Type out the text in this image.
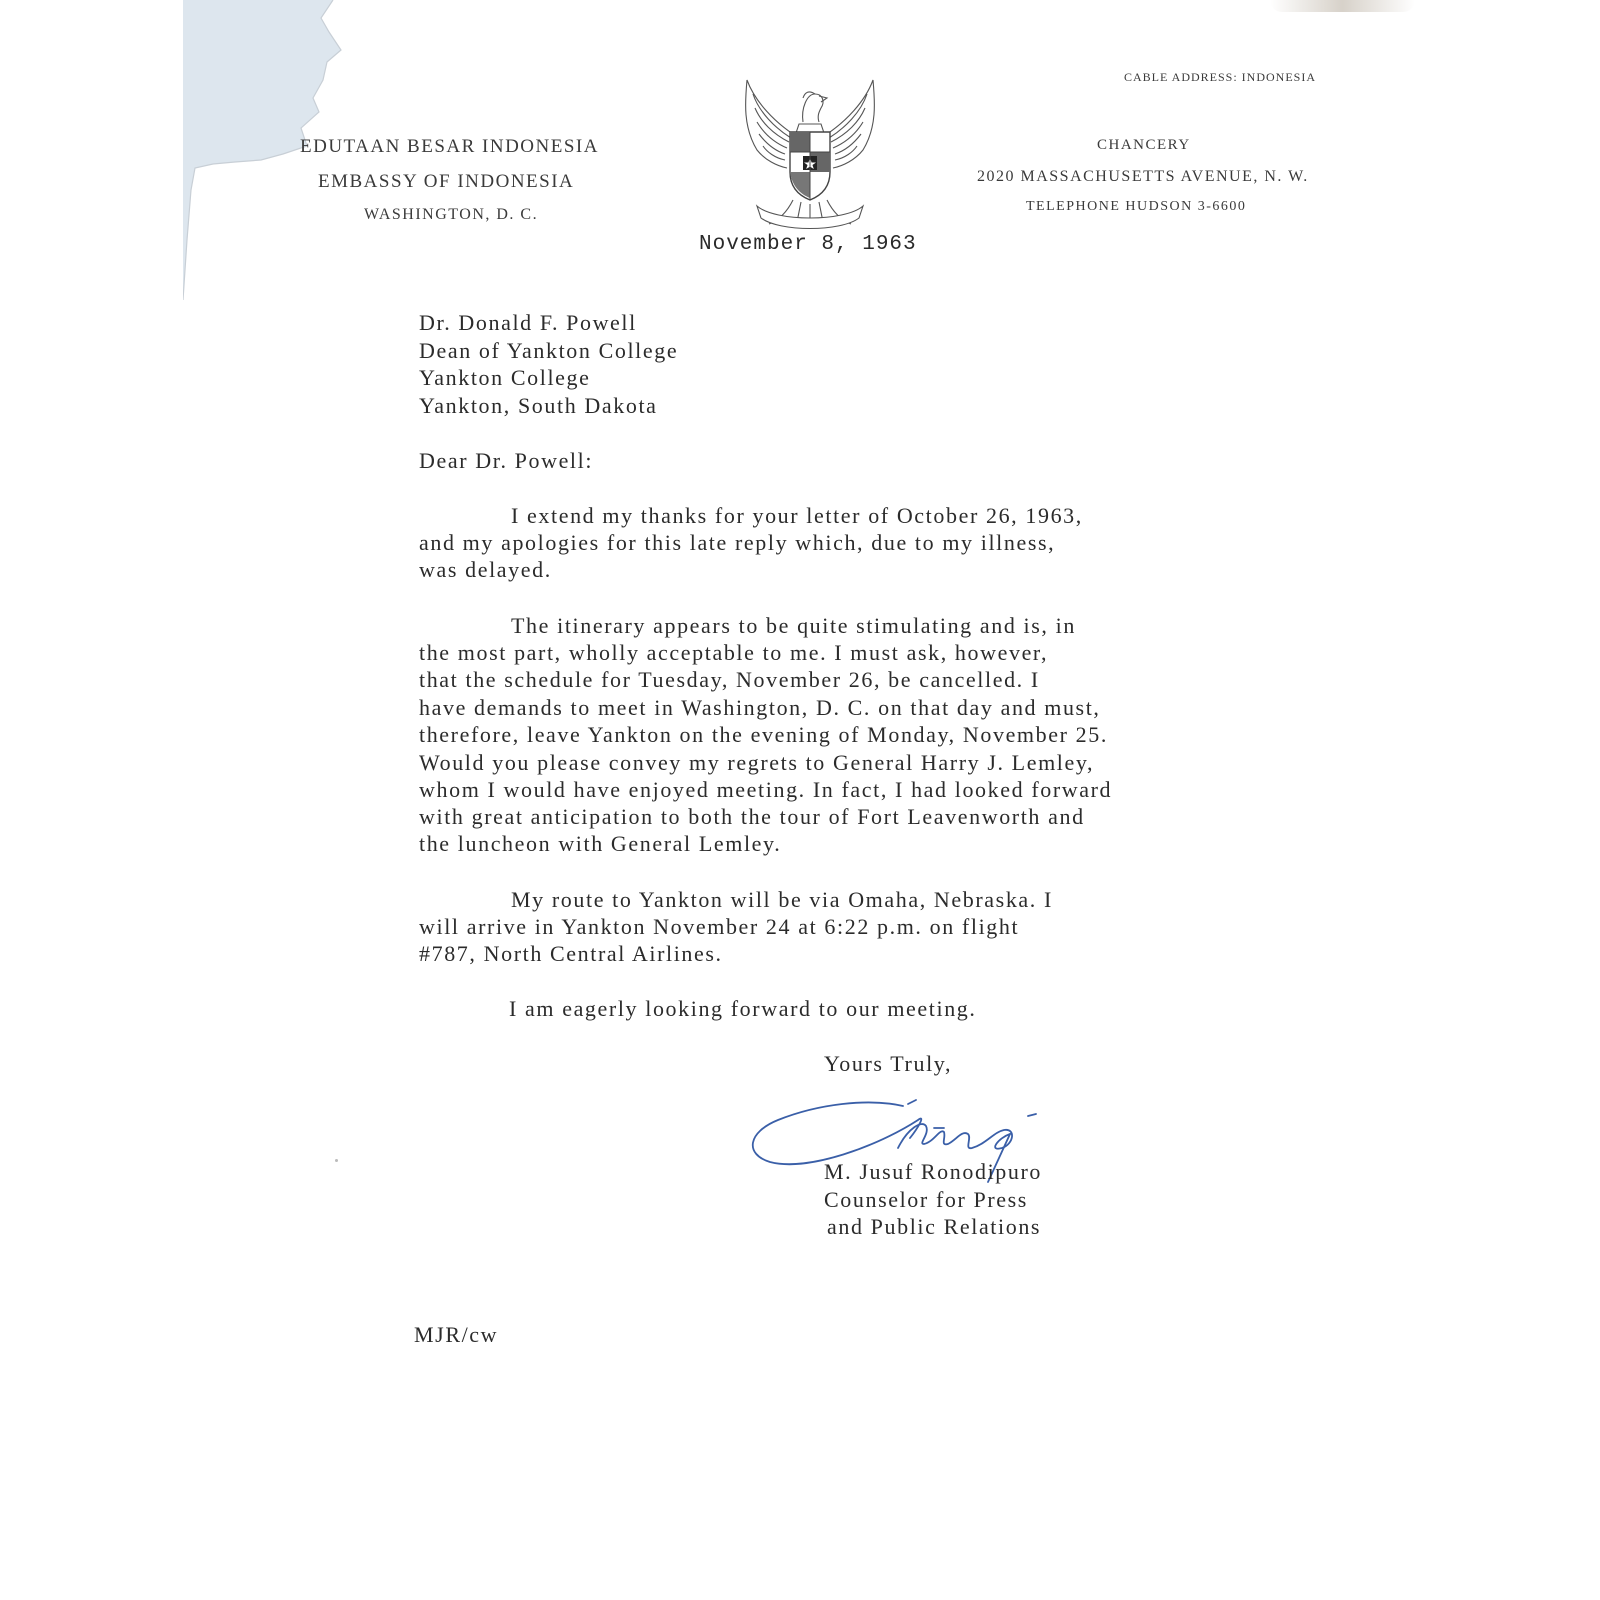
EDUTAAN BESAR INDONESIA
EMBASSY OF INDONESIA
WASHINGTON, D. C.
CABLE ADDRESS: INDONESIA
CHANCERY
2020 MASSACHUSETTS AVENUE, N. W.
TELEPHONE HUDSON 3-6600
November 8, 1963
Dr. Donald F. Powell
Dean of Yankton College
Yankton College
Yankton, South Dakota
Dear Dr. Powell:
I extend my thanks for your letter of October 26, 1963,
and my apologies for this late reply which, due to my illness,
was delayed.
The itinerary appears to be quite stimulating and is, in
the most part, wholly acceptable to me. I must ask, however,
that the schedule for Tuesday, November 26, be cancelled. I
have demands to meet in Washington, D. C. on that day and must,
therefore, leave Yankton on the evening of Monday, November 25.
Would you please convey my regrets to General Harry J. Lemley,
whom I would have enjoyed meeting. In fact, I had looked forward
with great anticipation to both the tour of Fort Leavenworth and
the luncheon with General Lemley.
My route to Yankton will be via Omaha, Nebraska. I
will arrive in Yankton November 24 at 6:22 p.m. on flight
#787, North Central Airlines.
I am eagerly looking forward to our meeting.
Yours Truly,
M. Jusuf Ronodipuro
Counselor for Press
and Public Relations
MJR/cw
